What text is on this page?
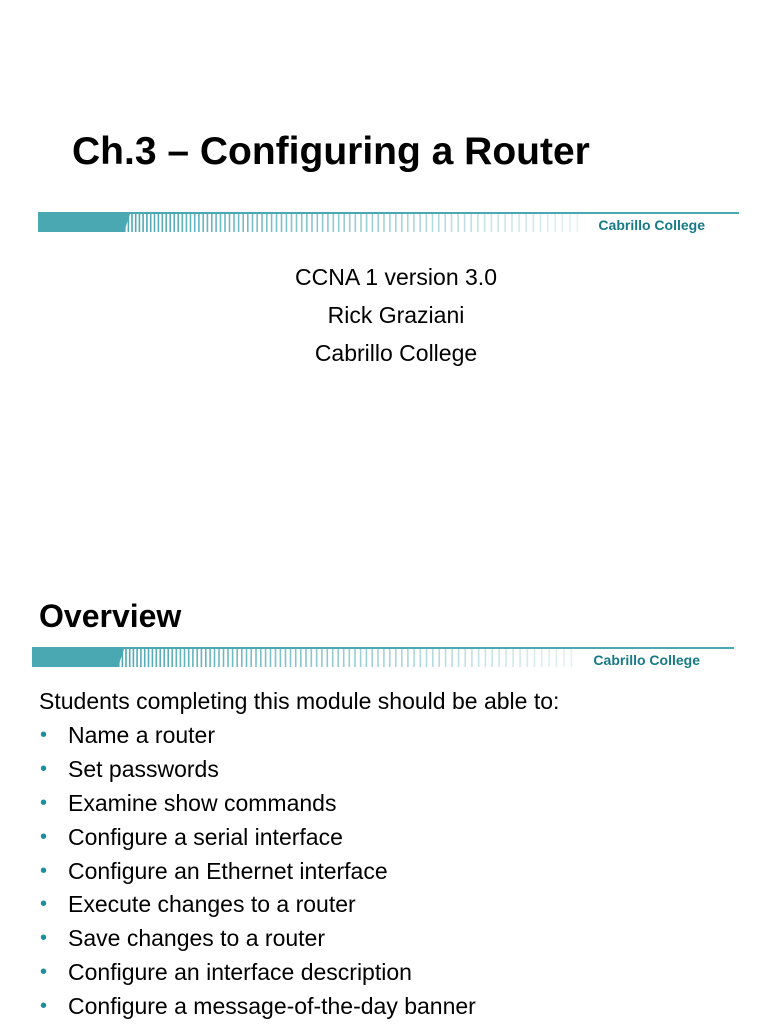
Ch.3 – Configuring a Router
Cabrillo College
CCNA 1 version 3.0
Rick Graziani
Cabrillo College
Overview
Cabrillo College
Students completing this module should be able to:
• Name a router
• Set passwords
• Examine show commands
• Configure a serial interface
• Configure an Ethernet interface
• Execute changes to a router
• Save changes to a router
• Configure an interface description
• Configure a message-of-the-day banner
